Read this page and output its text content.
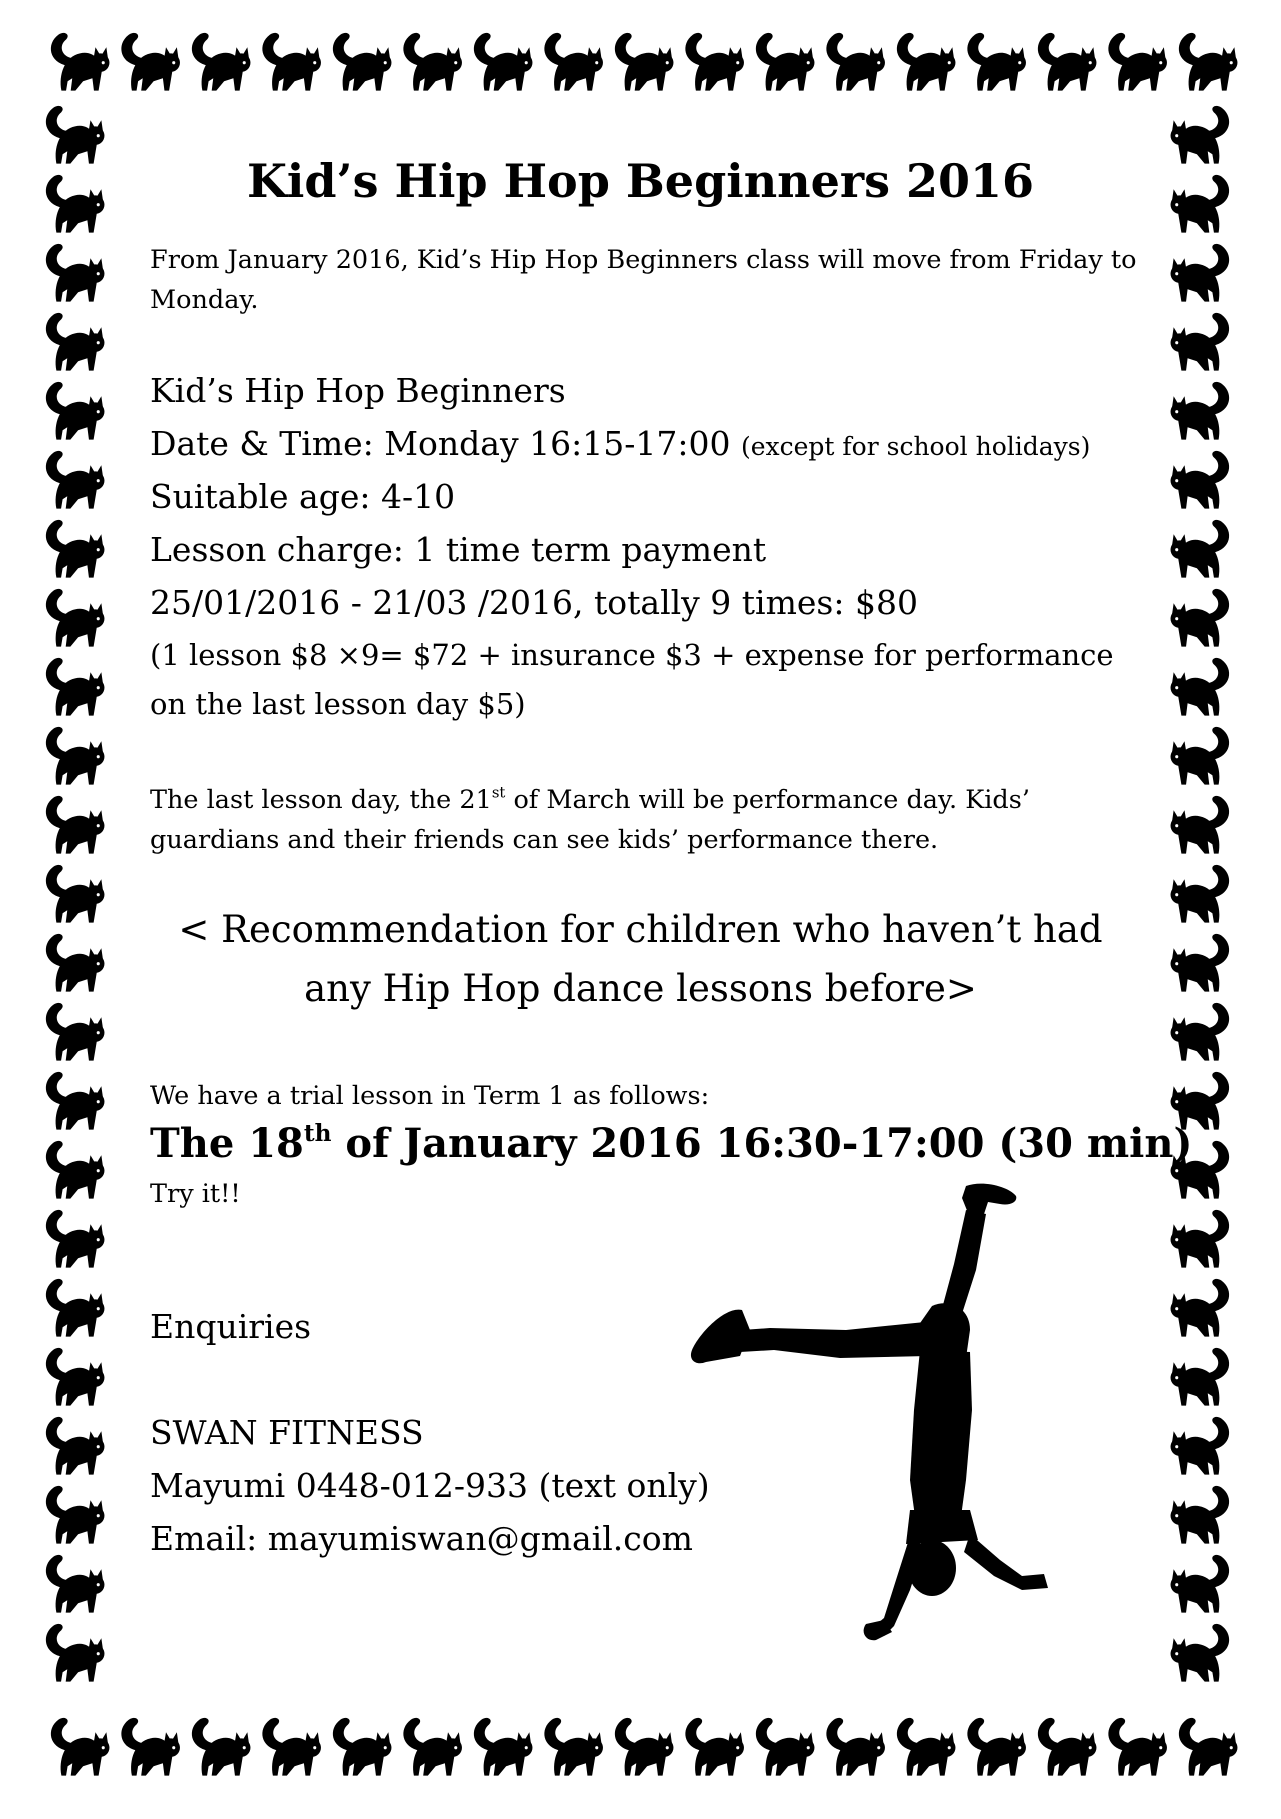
Kid’s Hip Hop Beginners 2016

From January 2016, Kid’s Hip Hop Beginners class will move from Friday to Monday.

Kid’s Hip Hop Beginners

Date & Time: Monday 16:15-17:00 (except for school holidays)

Suitable age: 4-10

Lesson charge: 1 time term payment

25/01/2016 - 21/03 /2016, totally 9 times: $80

(1 lesson $8 ×9= $72 + insurance $3 + expense for performance

on the last lesson day $5)

The last lesson day, the 21st of March will be performance day. Kids’ guardians and their friends can see kids’ performance there.

< Recommendation for children who haven’t had

any Hip Hop dance lessons before>

We have a trial lesson in Term 1 as follows:

The 18th of January 2016 16:30-17:00 (30 min)

Try it!!

Enquiries

SWAN FITNESS

Mayumi 0448-012-933 (text only)

Email: mayumiswan@gmail.com
